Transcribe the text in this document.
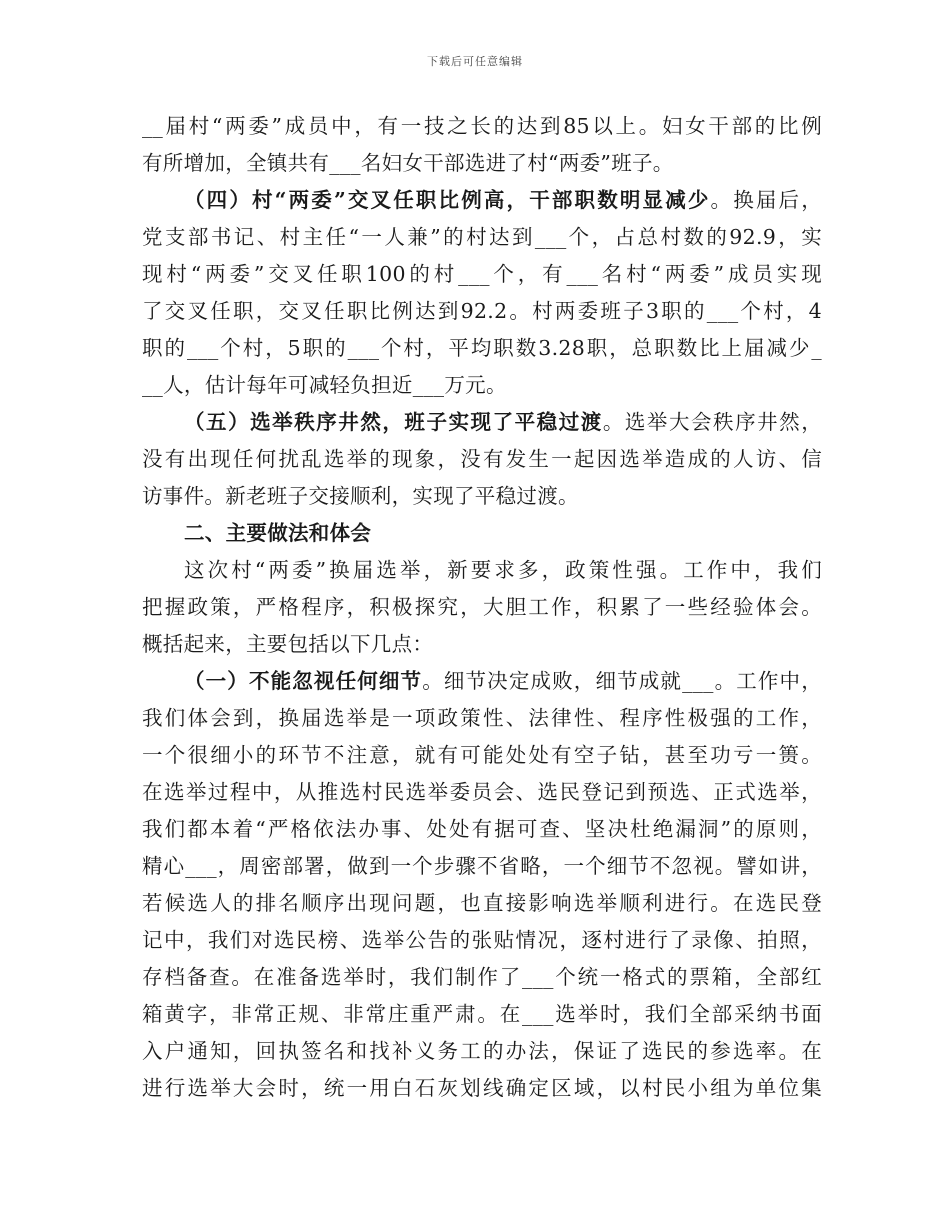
下载后可任意编辑
__届村“两委”成员中，有一技之长的达到85以上。妇女干部的比例
有所增加，全镇共有___名妇女干部选进了村“两委”班子。
（四）村“两委”交叉任职比例高，干部职数明显减少。换届后，
党支部书记、村主任“一人兼”的村达到___个，占总村数的92.9，实
现村“两委”交叉任职100的村___个，有___名村“两委”成员实现
了交叉任职，交叉任职比例达到92.2。村两委班子3职的___个村，4
职的___个村，5职的___个村，平均职数3.28职，总职数比上届减少_
__人，估计每年可减轻负担近___万元。
（五）选举秩序井然，班子实现了平稳过渡。选举大会秩序井然，
没有出现任何扰乱选举的现象，没有发生一起因选举造成的人访、信
访事件。新老班子交接顺利，实现了平稳过渡。
二、主要做法和体会
这次村“两委”换届选举，新要求多，政策性强。工作中，我们
把握政策，严格程序，积极探究，大胆工作，积累了一些经验体会。
概括起来，主要包括以下几点：
（一）不能忽视任何细节。细节决定成败，细节成就___。工作中，
我们体会到，换届选举是一项政策性、法律性、程序性极强的工作，
一个很细小的环节不注意，就有可能处处有空子钻，甚至功亏一篑。
在选举过程中，从推选村民选举委员会、选民登记到预选、正式选举，
我们都本着“严格依法办事、处处有据可查、坚决杜绝漏洞”的原则，
精心___，周密部署，做到一个步骤不省略，一个细节不忽视。譬如讲，
若候选人的排名顺序出现问题，也直接影响选举顺利进行。在选民登
记中，我们对选民榜、选举公告的张贴情况，逐村进行了录像、拍照，
存档备查。在准备选举时，我们制作了___个统一格式的票箱，全部红
箱黄字，非常正规、非常庄重严肃。在___选举时，我们全部采纳书面
入户通知，回执签名和找补义务工的办法，保证了选民的参选率。在
进行选举大会时，统一用白石灰划线确定区域，以村民小组为单位集
